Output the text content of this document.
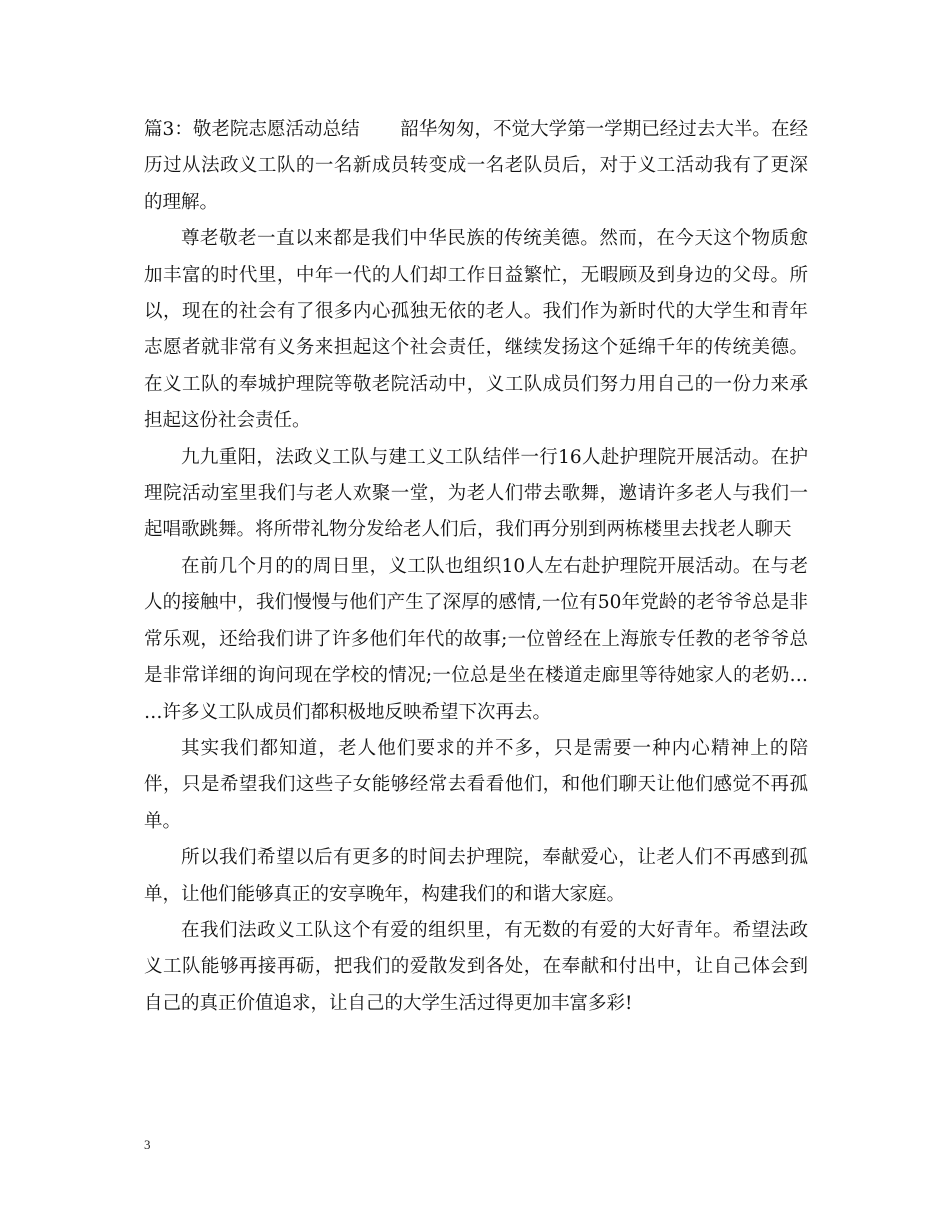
篇3：敬老院志愿活动总结 韶华匆匆，不觉大学第一学期已经过去大半。在经历过从法政义工队的一名新成员转变成一名老队员后，对于义工活动我有了更深的理解。

尊老敬老一直以来都是我们中华民族的传统美德。然而，在今天这个物质愈加丰富的时代里，中年一代的人们却工作日益繁忙，无暇顾及到身边的父母。所以，现在的社会有了很多内心孤独无依的老人。我们作为新时代的大学生和青年志愿者就非常有义务来担起这个社会责任，继续发扬这个延绵千年的传统美德。在义工队的奉城护理院等敬老院活动中，义工队成员们努力用自己的一份力来承担起这份社会责任。

九九重阳，法政义工队与建工义工队结伴一行16人赴护理院开展活动。在护理院活动室里我们与老人欢聚一堂，为老人们带去歌舞，邀请许多老人与我们一起唱歌跳舞。将所带礼物分发给老人们后，我们再分别到两栋楼里去找老人聊天

在前几个月的的周日里，义工队也组织10人左右赴护理院开展活动。在与老人的接触中，我们慢慢与他们产生了深厚的感情,一位有50年党龄的老爷爷总是非常乐观，还给我们讲了许多他们年代的故事;一位曾经在上海旅专任教的老爷爷总是非常详细的询问现在学校的情况;一位总是坐在楼道走廊里等待她家人的老奶… …许多义工队成员们都积极地反映希望下次再去。

其实我们都知道，老人他们要求的并不多，只是需要一种内心精神上的陪伴，只是希望我们这些子女能够经常去看看他们，和他们聊天让他们感觉不再孤单。

所以我们希望以后有更多的时间去护理院，奉献爱心，让老人们不再感到孤单，让他们能够真正的安享晚年，构建我们的和谐大家庭。

在我们法政义工队这个有爱的组织里，有无数的有爱的大好青年。希望法政义工队能够再接再砺，把我们的爱散发到各处，在奉献和付出中，让自己体会到自己的真正价值追求，让自己的大学生活过得更加丰富多彩!

3
